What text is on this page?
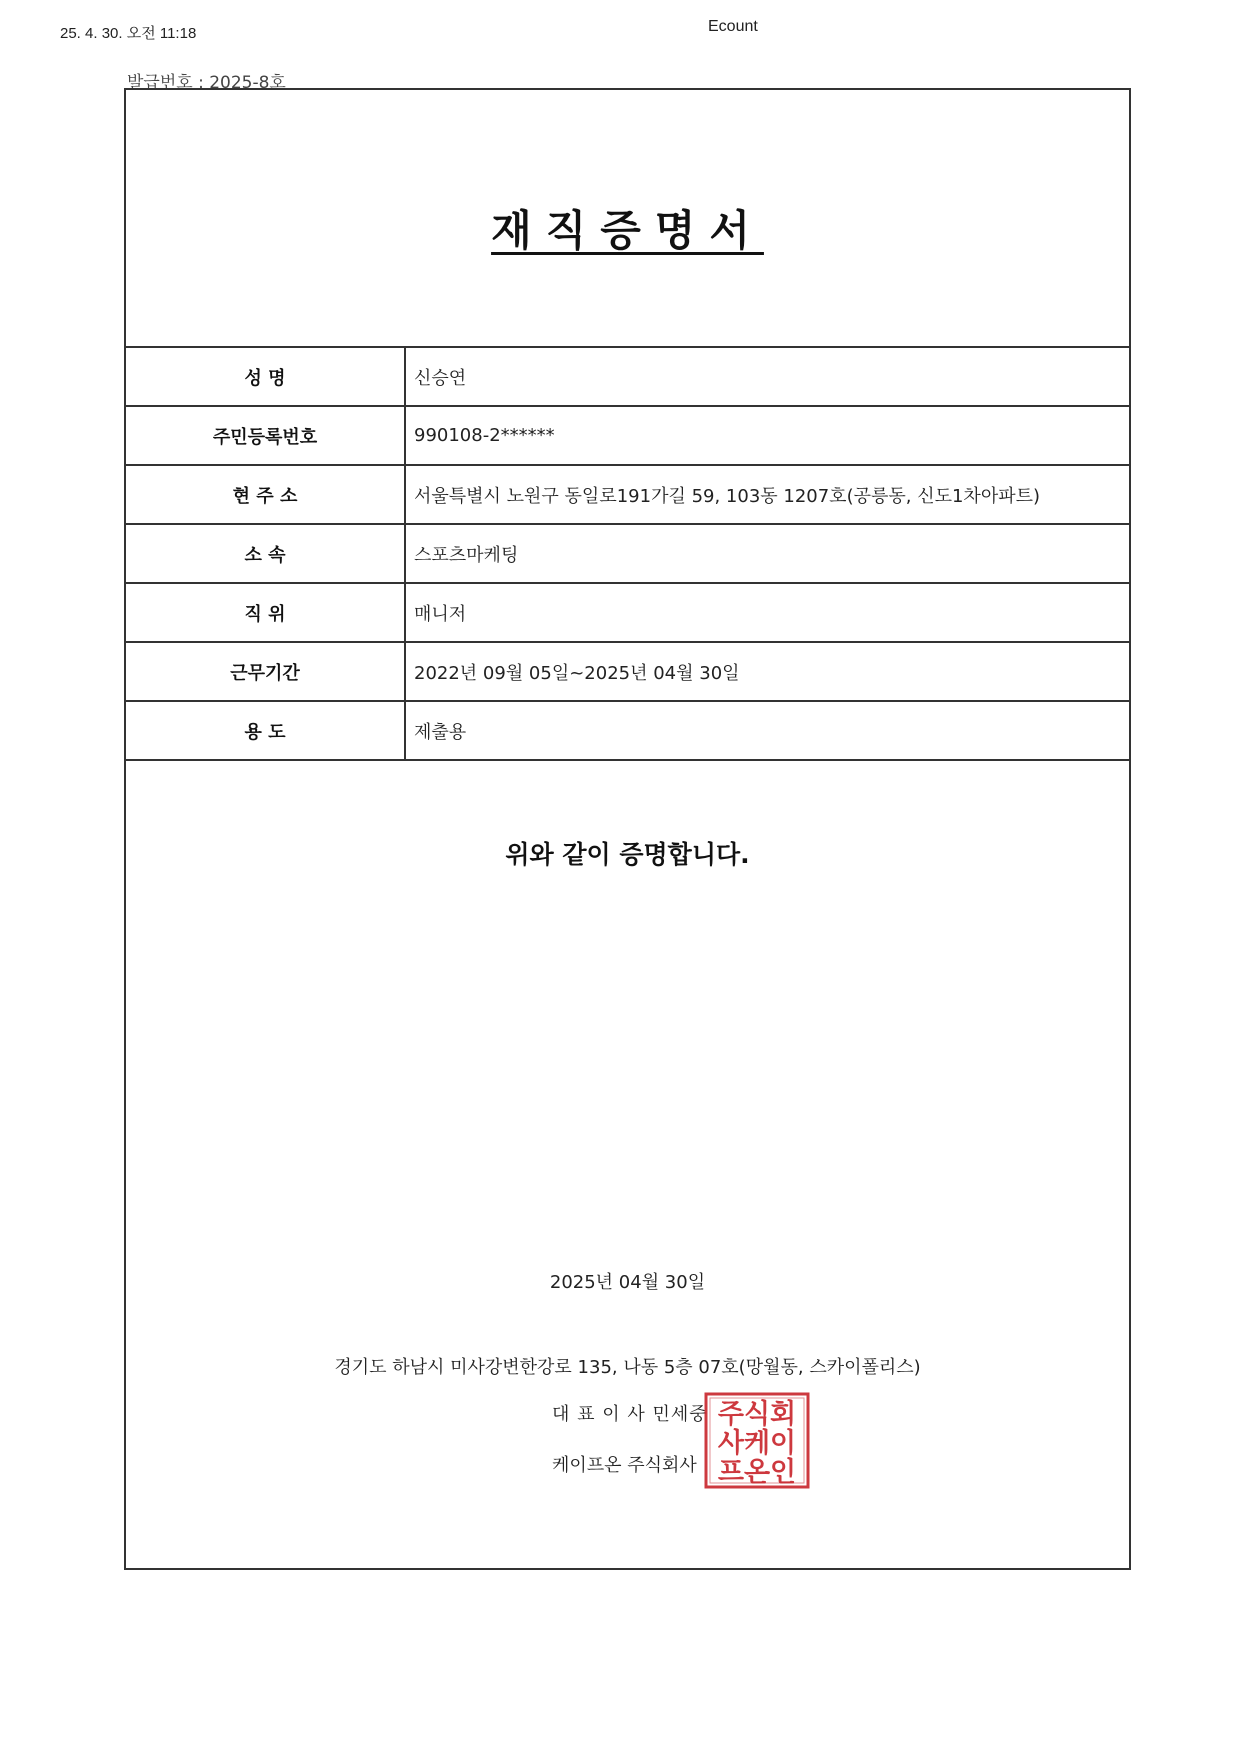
25. 4. 30. 오전 11:18	Ecount
발급번호 : 2025-8호
재직증명서
성 명	신승연
주민등록번호	990108-2******
현 주 소	서울특별시 노원구 동일로191가길 59, 103동 1207호(공릉동, 신도1차아파트)
소 속	스포츠마케팅
직 위	매니저
근무기간	2022년 09월 05일~2025년 04월 30일
용 도	제출용
위와 같이 증명합니다.
2025년 04월 30일
경기도 하남시 미사강변한강로 135, 나동 5층 07호(망월동, 스카이폴리스)
대 표 이 사 민세중
케이프온 주식회사
주식회
사케이
프온인
